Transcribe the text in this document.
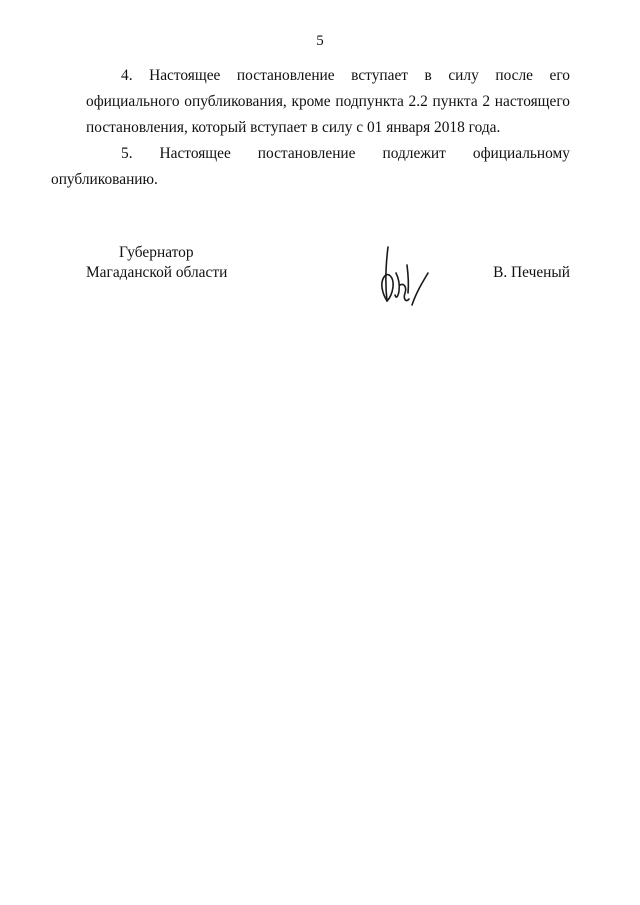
5

4. Настоящее постановление вступает в силу после его официального опубликования, кроме подпункта 2.2 пункта 2 настоящего постановления, который вступает в силу с 01 января 2018 года.

5. Настоящее постановление подлежит официальному
опубликованию.

Губернатор
Магаданской области	В. Печеный
